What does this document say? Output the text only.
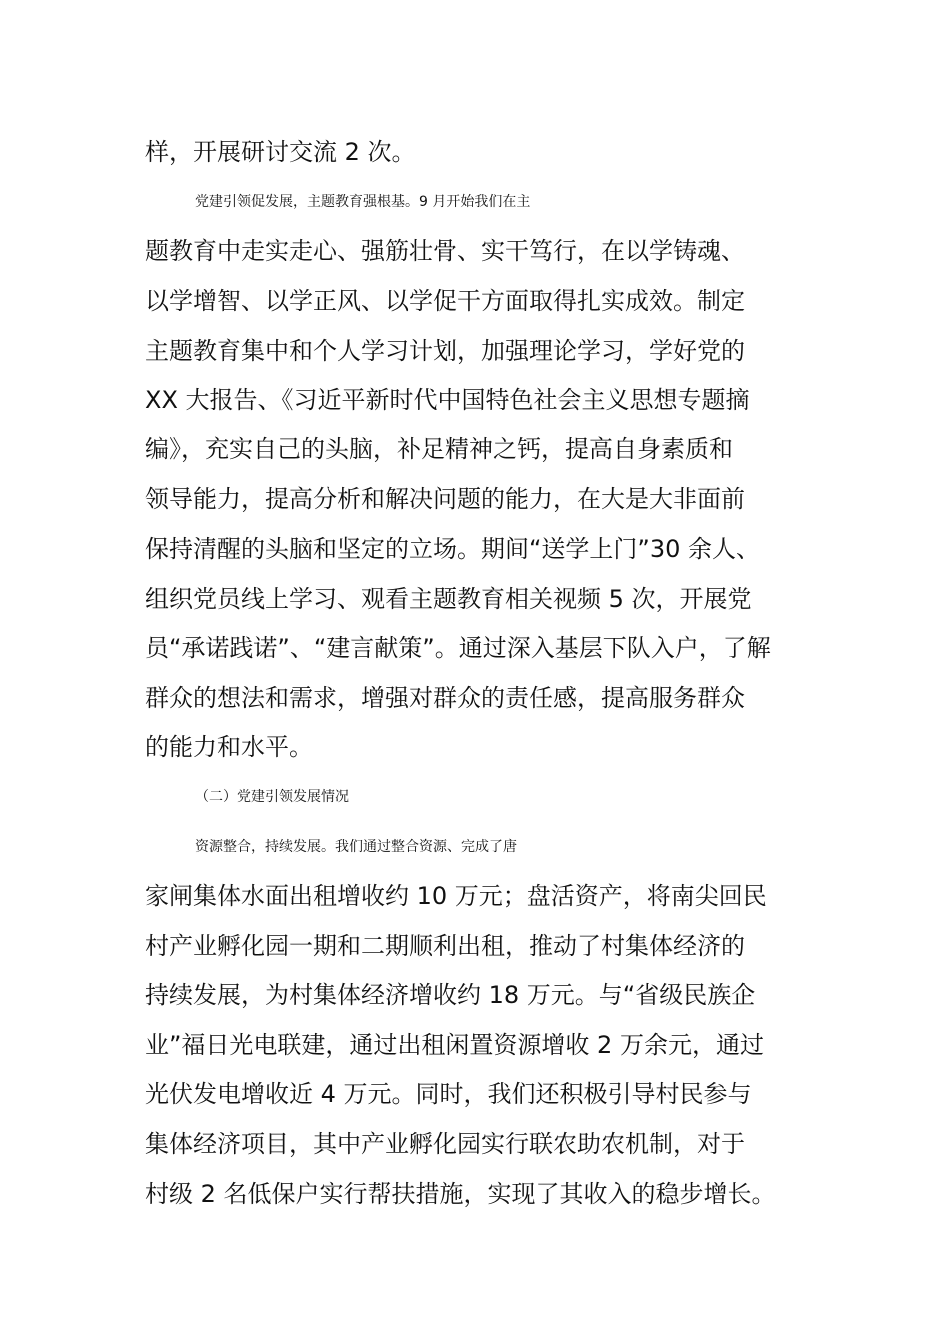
样，开展研讨交流 2 次。
党建引领促发展，主题教育强根基。9 月开始我们在主
题教育中走实走心、强筋壮骨、实干笃行，在以学铸魂、
以学增智、以学正风、以学促干方面取得扎实成效。制定
主题教育集中和个人学习计划，加强理论学习，学好党的
XX 大报告、《习近平新时代中国特色社会主义思想专题摘
编》，充实自己的头脑，补足精神之钙，提高自身素质和
领导能力，提高分析和解决问题的能力，在大是大非面前
保持清醒的头脑和坚定的立场。期间“送学上门”30 余人、
组织党员线上学习、观看主题教育相关视频 5 次，开展党
员“承诺践诺”、“建言献策”。通过深入基层下队入户，了解
群众的想法和需求，增强对群众的责任感，提高服务群众
的能力和水平。
（二）党建引领发展情况
资源整合，持续发展。我们通过整合资源、完成了唐
家闸集体水面出租增收约 10 万元；盘活资产，将南尖回民
村产业孵化园一期和二期顺利出租，推动了村集体经济的
持续发展，为村集体经济增收约 18 万元。与“省级民族企
业”福日光电联建，通过出租闲置资源增收 2 万余元，通过
光伏发电增收近 4 万元。同时，我们还积极引导村民参与
集体经济项目，其中产业孵化园实行联农助农机制，对于
村级 2 名低保户实行帮扶措施，实现了其收入的稳步增长。
